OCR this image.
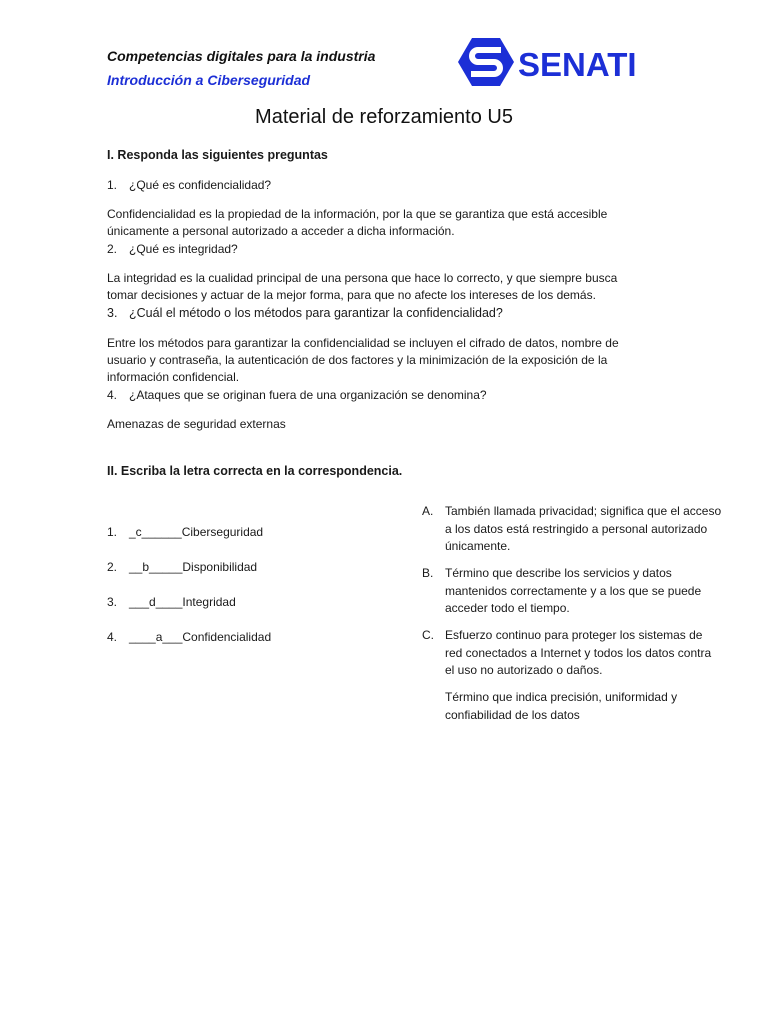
Competencias digitales para la industria
Introducción a Ciberseguridad	SENATI
Material de reforzamiento U5
I. Responda las siguientes preguntas
1. ¿Qué es confidencialidad?
Confidencialidad es la propiedad de la información, por la que se garantiza que está accesible únicamente a personal autorizado a acceder a dicha información.
2. ¿Qué es integridad?
La integridad es la cualidad principal de una persona que hace lo correcto, y que siempre busca tomar decisiones y actuar de la mejor forma, para que no afecte los intereses de los demás.
3. ¿Cuál el método o los métodos para garantizar la confidencialidad?
Entre los métodos para garantizar la confidencialidad se incluyen el cifrado de datos, nombre de usuario y contraseña, la autenticación de dos factores y la minimización de la exposición de la información confidencial.
4. ¿Ataques que se originan fuera de una organización se denomina?
Amenazas de seguridad externas
II. Escriba la letra correcta en la correspondencia.
1. _c______Ciberseguridad
2. __b_____Disponibilidad
3. ___d____Integridad
4. ____a___Confidencialidad
A. También llamada privacidad; significa que el acceso a los datos está restringido a personal autorizado únicamente.
B. Término que describe los servicios y datos mantenidos correctamente y a los que se puede acceder todo el tiempo.
C. Esfuerzo continuo para proteger los sistemas de red conectados a Internet y todos los datos contra el uso no autorizado o daños.
Término que indica precisión, uniformidad y confiabilidad de los datos
